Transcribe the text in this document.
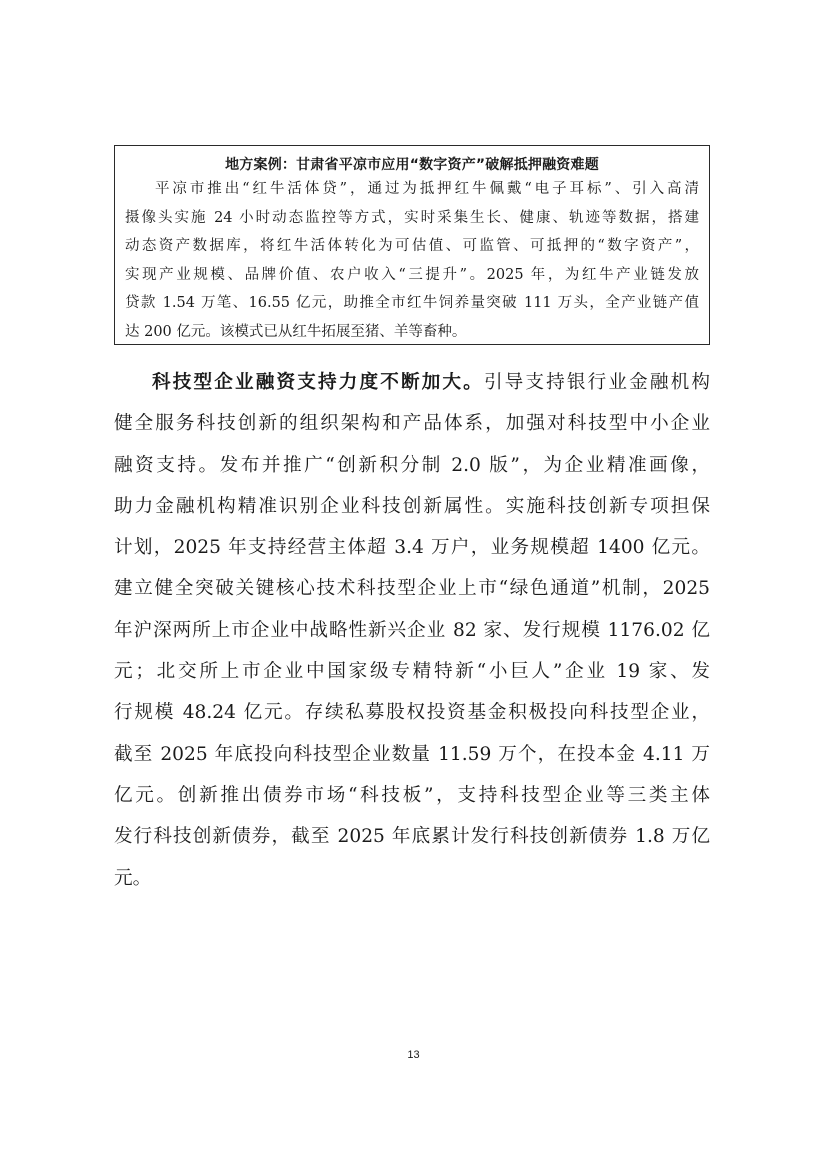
地方案例：甘肃省平凉市应用“数字资产”破解抵押融资难题
平凉市推出“红牛活体贷”，通过为抵押红牛佩戴“电子耳标”、引入高清
摄像头实施 24 小时动态监控等方式，实时采集生长、健康、轨迹等数据，搭建
动态资产数据库，将红牛活体转化为可估值、可监管、可抵押的“数字资产”，
实现产业规模、品牌价值、农户收入“三提升”。2025 年，为红牛产业链发放
贷款 1.54 万笔、16.55 亿元，助推全市红牛饲养量突破 111 万头，全产业链产值
达 200 亿元。该模式已从红牛拓展至猪、羊等畜种。
科技型企业融资支持力度不断加大。引导支持银行业金融机构
健全服务科技创新的组织架构和产品体系，加强对科技型中小企业
融资支持。发布并推广“创新积分制 2.0 版”，为企业精准画像，
助力金融机构精准识别企业科技创新属性。实施科技创新专项担保
计划，2025 年支持经营主体超 3.4 万户，业务规模超 1400 亿元。
建立健全突破关键核心技术科技型企业上市“绿色通道”机制，2025
年沪深两所上市企业中战略性新兴企业 82 家、发行规模 1176.02 亿
元；北交所上市企业中国家级专精特新“小巨人”企业 19 家、发
行规模 48.24 亿元。存续私募股权投资基金积极投向科技型企业，
截至 2025 年底投向科技型企业数量 11.59 万个，在投本金 4.11 万
亿元。创新推出债券市场“科技板”，支持科技型企业等三类主体
发行科技创新债券，截至 2025 年底累计发行科技创新债券 1.8 万亿
元。
13
